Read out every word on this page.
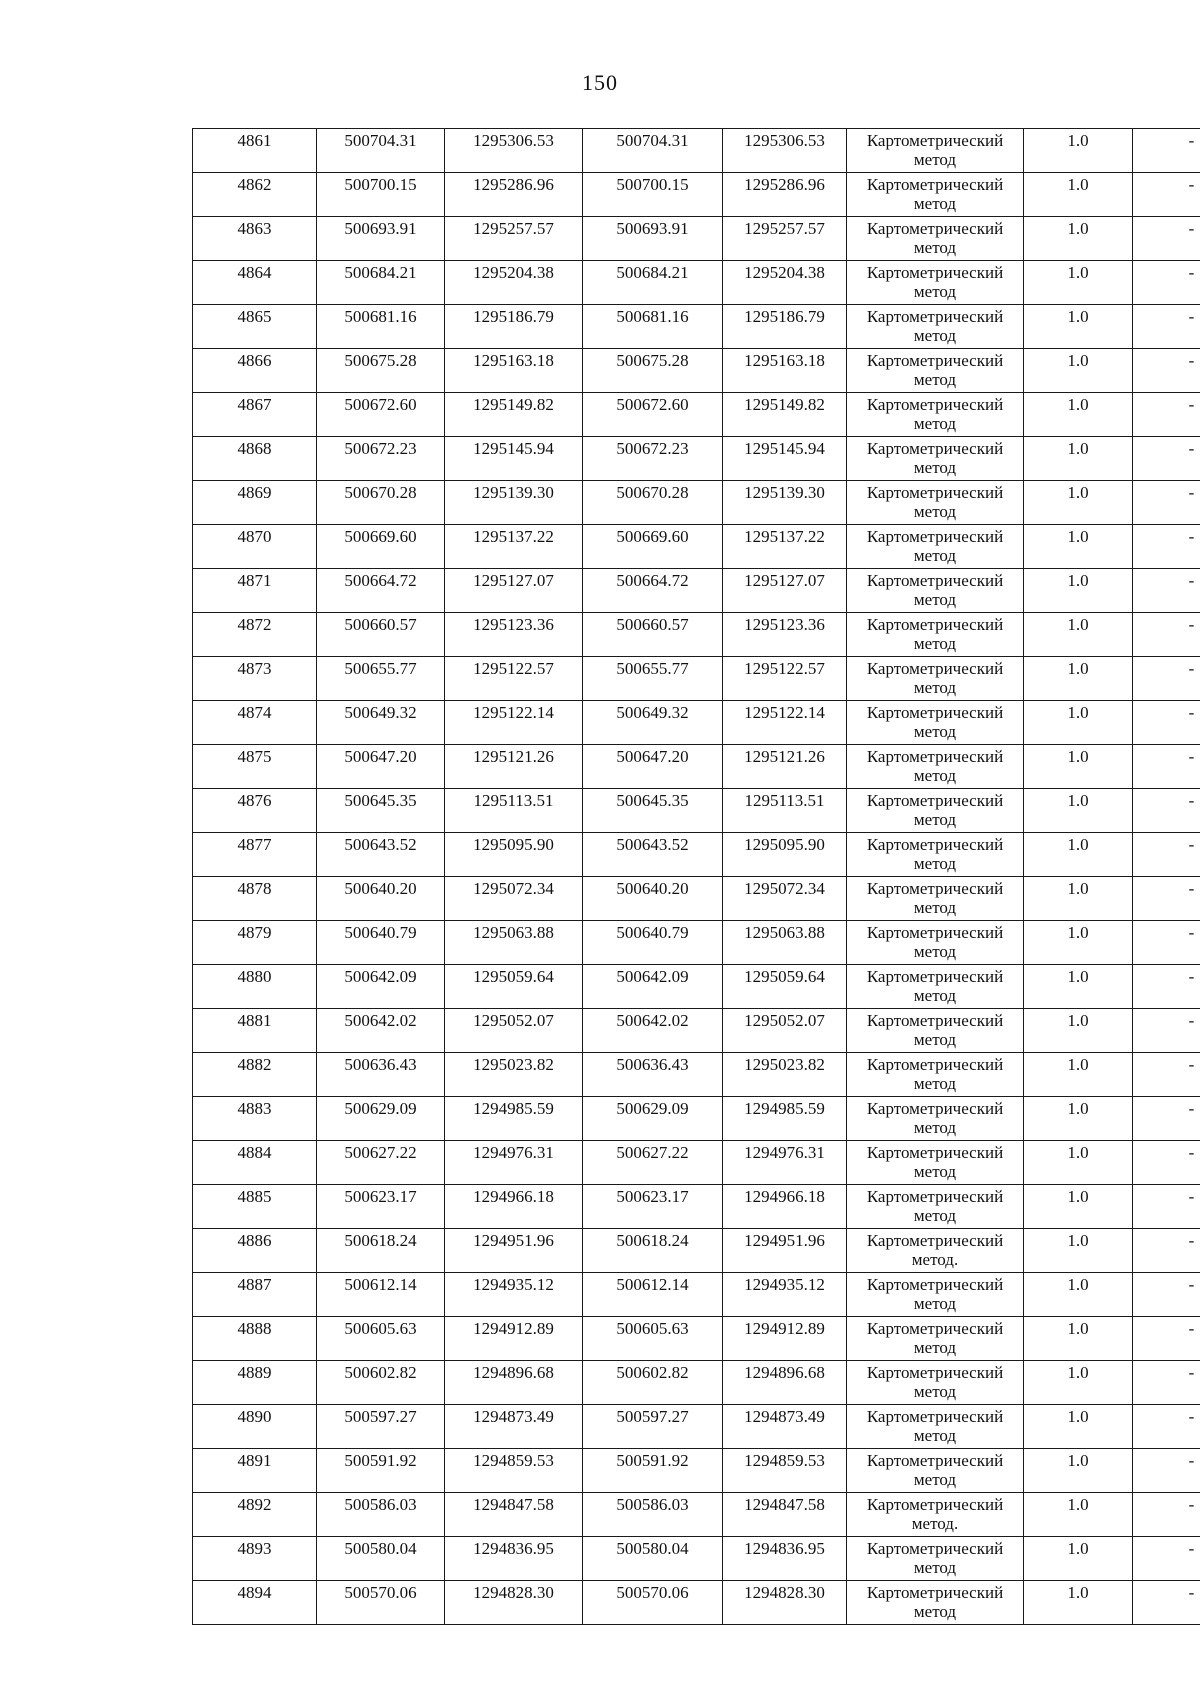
150
4861	500704.31	1295306.53	500704.31	1295306.53	Картометрический метод	1.0	-
4862	500700.15	1295286.96	500700.15	1295286.96	Картометрический метод	1.0	-
4863	500693.91	1295257.57	500693.91	1295257.57	Картометрический метод	1.0	-
4864	500684.21	1295204.38	500684.21	1295204.38	Картометрический метод	1.0	-
4865	500681.16	1295186.79	500681.16	1295186.79	Картометрический метод	1.0	-
4866	500675.28	1295163.18	500675.28	1295163.18	Картометрический метод	1.0	-
4867	500672.60	1295149.82	500672.60	1295149.82	Картометрический метод	1.0	-
4868	500672.23	1295145.94	500672.23	1295145.94	Картометрический метод	1.0	-
4869	500670.28	1295139.30	500670.28	1295139.30	Картометрический метод	1.0	-
4870	500669.60	1295137.22	500669.60	1295137.22	Картометрический метод	1.0	-
4871	500664.72	1295127.07	500664.72	1295127.07	Картометрический метод	1.0	-
4872	500660.57	1295123.36	500660.57	1295123.36	Картометрический метод	1.0	-
4873	500655.77	1295122.57	500655.77	1295122.57	Картометрический метод	1.0	-
4874	500649.32	1295122.14	500649.32	1295122.14	Картометрический метод	1.0	-
4875	500647.20	1295121.26	500647.20	1295121.26	Картометрический метод	1.0	-
4876	500645.35	1295113.51	500645.35	1295113.51	Картометрический метод	1.0	-
4877	500643.52	1295095.90	500643.52	1295095.90	Картометрический метод	1.0	-
4878	500640.20	1295072.34	500640.20	1295072.34	Картометрический метод	1.0	-
4879	500640.79	1295063.88	500640.79	1295063.88	Картометрический метод	1.0	-
4880	500642.09	1295059.64	500642.09	1295059.64	Картометрический метод	1.0	-
4881	500642.02	1295052.07	500642.02	1295052.07	Картометрический метод	1.0	-
4882	500636.43	1295023.82	500636.43	1295023.82	Картометрический метод	1.0	-
4883	500629.09	1294985.59	500629.09	1294985.59	Картометрический метод	1.0	-
4884	500627.22	1294976.31	500627.22	1294976.31	Картометрический метод	1.0	-
4885	500623.17	1294966.18	500623.17	1294966.18	Картометрический метод	1.0	-
4886	500618.24	1294951.96	500618.24	1294951.96	Картометрический метод.	1.0	-
4887	500612.14	1294935.12	500612.14	1294935.12	Картометрический метод	1.0	-
4888	500605.63	1294912.89	500605.63	1294912.89	Картометрический метод	1.0	-
4889	500602.82	1294896.68	500602.82	1294896.68	Картометрический метод	1.0	-
4890	500597.27	1294873.49	500597.27	1294873.49	Картометрический метод	1.0	-
4891	500591.92	1294859.53	500591.92	1294859.53	Картометрический метод	1.0	-
4892	500586.03	1294847.58	500586.03	1294847.58	Картометрический метод.	1.0	-
4893	500580.04	1294836.95	500580.04	1294836.95	Картометрический метод	1.0	-
4894	500570.06	1294828.30	500570.06	1294828.30	Картометрический метод	1.0	-
